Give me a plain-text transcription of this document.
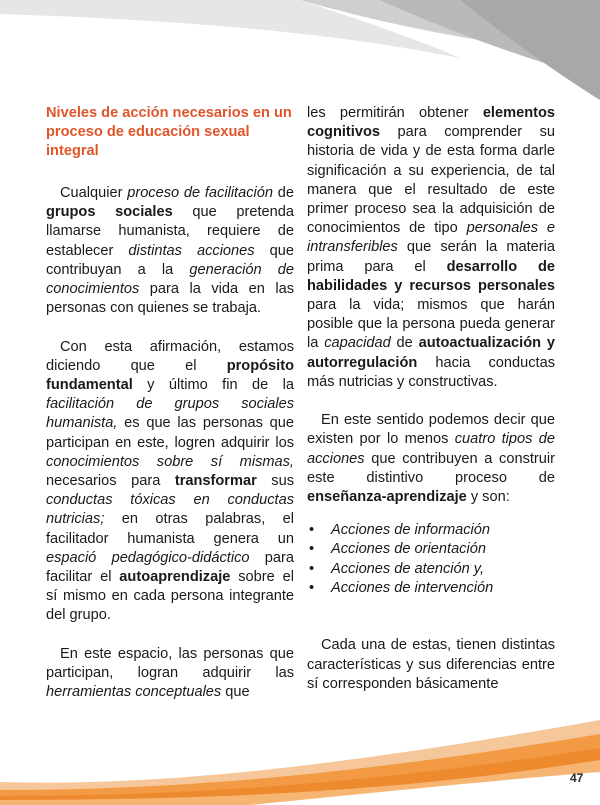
Niveles de acción necesarios en un proceso de educación sexual integral

Cualquier proceso de facilitación de grupos sociales que pretenda llamarse humanista, requiere de establecer distintas acciones que contribuyan a la generación de conocimientos para la vida en las personas con quienes se trabaja.

Con esta afirmación, estamos diciendo que el propósito fundamental y último fin de la facilitación de grupos sociales humanista, es que las personas que participan en este, logren adquirir los conocimientos sobre sí mismas, necesarios para transformar sus conductas tóxicas en conductas nutricias; en otras palabras, el facilitador humanista genera un espació pedagógico-didáctico para facilitar el autoaprendizaje sobre el sí mismo en cada persona integrante del grupo.

En este espacio, las personas que participan, logran adquirir las herramientas conceptuales que

les permitirán obtener elementos cognitivos para comprender su historia de vida y de esta forma darle significación a su experiencia, de tal manera que el resultado de este primer proceso sea la adquisición de conocimientos de tipo personales e intransferibles que serán la materia prima para el desarrollo de habilidades y recursos personales para la vida; mismos que harán posible que la persona pueda generar la capacidad de autoactualización y autorregulación hacia conductas más nutricias y constructivas.

En este sentido podemos decir que existen por lo menos cuatro tipos de acciones que contribuyen a construir este distintivo proceso de enseñanza-aprendizaje y son:

• Acciones de información
• Acciones de orientación
• Acciones de atención y,
• Acciones de intervención

Cada una de estas, tienen distintas características y sus diferencias entre sí corresponden básicamente

47
